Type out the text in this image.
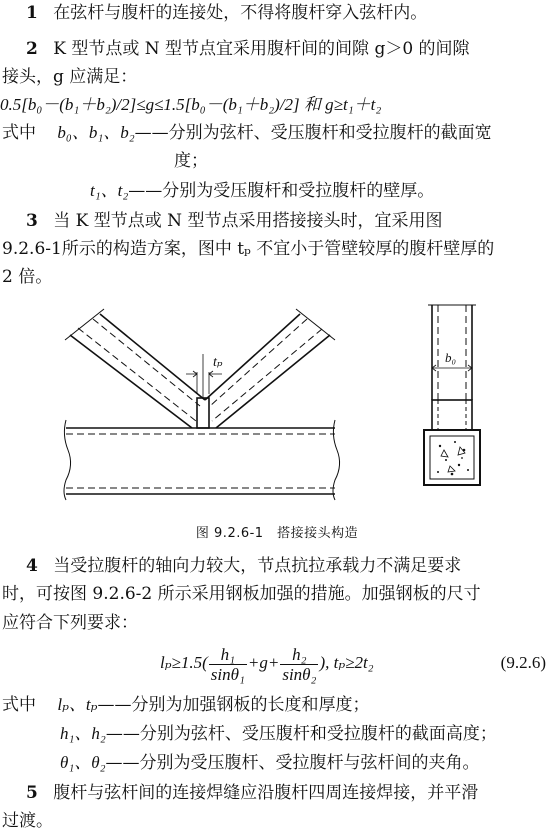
1 在弦杆与腹杆的连接处，不得将腹杆穿入弦杆内。
2 K 型节点或 N 型节点宜采用腹杆间的间隙 g＞0 的间隙
接头，g 应满足：
0.5[b₀－(b₁＋b₂)/2]≤g≤1.5[b₀－(b₁＋b₂)/2] 和 g≥t₁＋t₂
式中 b₀、b₁、b₂——分别为弦杆、受压腹杆和受拉腹杆的截面宽
度；
t₁、t₂——分别为受压腹杆和受拉腹杆的壁厚。
3 当 K 型节点或 N 型节点采用搭接接头时，宜采用图
9.2.6-1所示的构造方案，图中 tₚ 不宜小于管壁较厚的腹杆壁厚的
2 倍。
tₚ	b₀
图 9.2.6-1　搭接接头构造
4 当受拉腹杆的轴向力较大，节点抗拉承载力不满足要求
时，可按图 9.2.6-2 所示采用钢板加强的措施。加强钢板的尺寸
应符合下列要求：
$l_p\ge 1.5( \frac{\text{h₁}}{\text{sinθ₁}} +g+ \frac{\text{h₂}}{\text{sinθ₂}}$ ), tₚ≥2t₂	(9.2.6)
式中 lₚ、tₚ——分别为加强钢板的长度和厚度；
h₁、h₂——分别为弦杆、受压腹杆和受拉腹杆的截面高度；
θ₁、θ₂——分别为受压腹杆、受拉腹杆与弦杆间的夹角。
5 腹杆与弦杆间的连接焊缝应沿腹杆四周连接焊接，并平滑
过渡。
